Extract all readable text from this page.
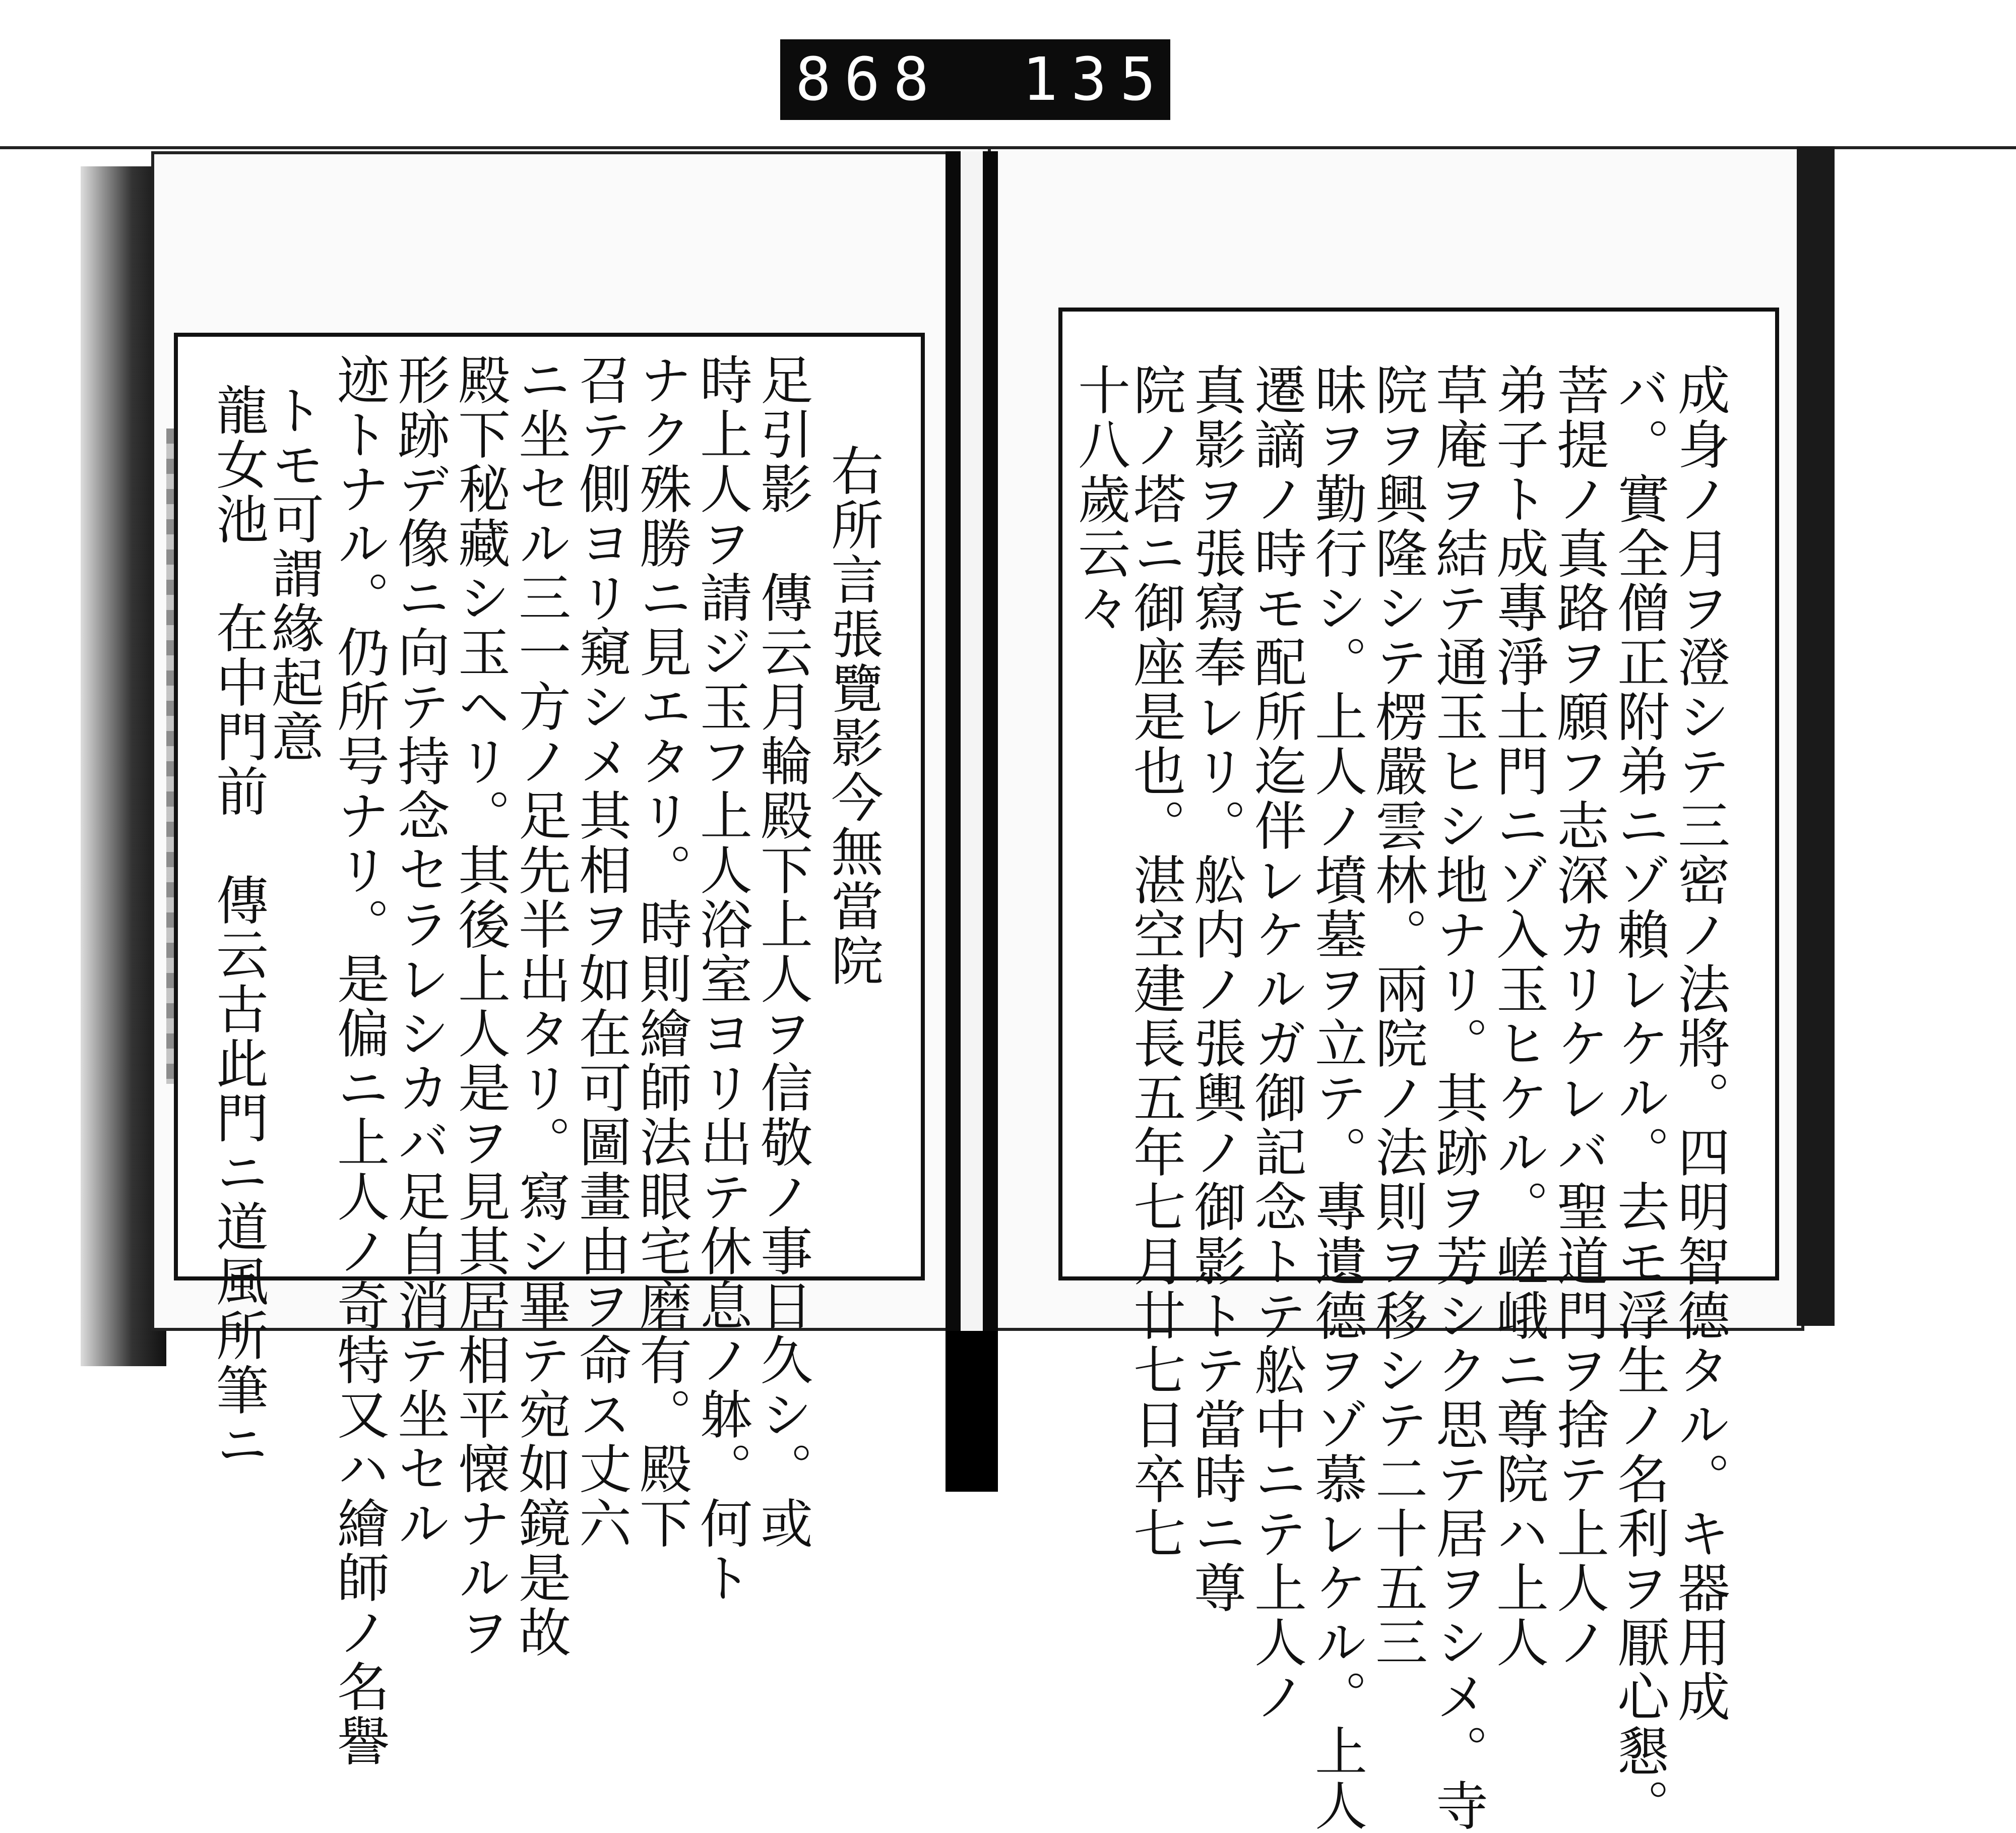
868 135.
龍女池　在中門前　傳云古此門ニ道風所筆ニ
トモ可謂緣起意 迹トナル。仍所号ナリ。是偏ニ上人ノ奇特又ハ繪師ノ名譽
形跡デ像ニ向テ持念セラレシカバ足自消テ坐セル
殿下秘藏シ玉ヘリ。其後上人是ヲ見其居相平懐ナルヲ
ニ坐セル三一方ノ足先半出タリ。寫シ畢テ宛如鏡是故
召テ側ヨリ窺シメ其相ヲ如在可圖畫由ヲ命ス丈六
ナク殊勝ニ見エタリ。時則繪師法眼宅磨有。殿下
時上人ヲ請ジ玉フ上人浴室ヨリ出テ休息ノ躰。何ト
足引影　傳云月輪殿下上人ヲ信敬ノ事日久シ。或 右所言張覽影今無當院	成身ノ月ヲ澄シテ三密ノ法將。四明智德タル。キ器用成
バ。實全僧正附弟ニゾ賴レケル。去モ浮生ノ名利ヲ厭心懇。
菩提ノ真路ヲ願フ志深カリケレバ聖道門ヲ捨テ上人ノ
弟子ト成專淨土門ニゾ入玉ヒケル。嵯峨ニ尊院ハ上人
草庵ヲ結テ通玉ヒシ地ナリ。其跡ヲ芳シク思テ居ヲシメ。寺
院ヲ興隆シテ楞嚴雲林。兩院ノ法則ヲ移シテ二十五三
昧ヲ勤行シ。上人ノ墳墓ヲ立テ。專遺德ヲゾ慕レケル。上人
遷謫ノ時モ配所迄伴レケルガ御記念トテ舩中ニテ上人ノ
真影ヲ張寫奉レリ。舩内ノ張輿ノ御影トテ當時ニ尊
院ノ塔ニ御座是也。湛空建長五年七月廿七日卒七
十八歲云々
